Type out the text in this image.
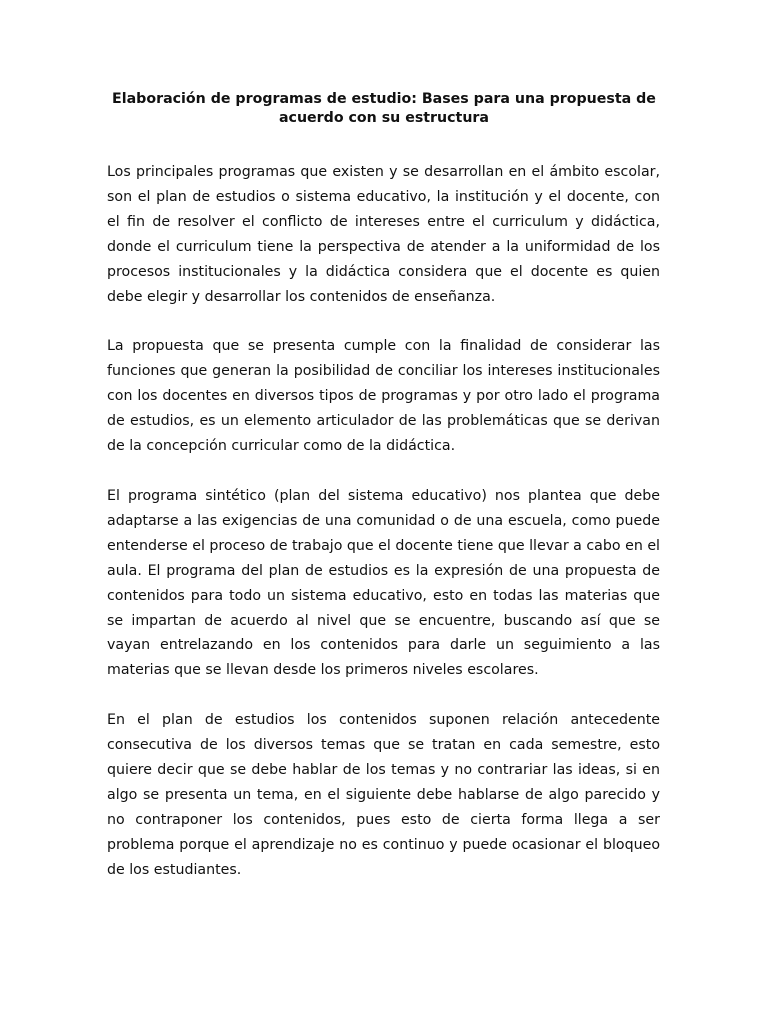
Elaboración de programas de estudio: Bases para una propuesta de acuerdo con su estructura

Los principales programas que existen y se desarrollan en el ámbito escolar, son el plan de estudios o sistema educativo, la institución y el docente, con el fin de resolver el conflicto de intereses entre el curriculum y didáctica, donde el curriculum tiene la perspectiva de atender a la uniformidad de los procesos institucionales y la didáctica considera que el docente es quien debe elegir y desarrollar los contenidos de enseñanza.

La propuesta que se presenta cumple con la finalidad de considerar las funciones que generan la posibilidad de conciliar los intereses institucionales con los docentes en diversos tipos de programas y por otro lado el programa de estudios, es un elemento articulador de las problemáticas que se derivan de la concepción curricular como de la didáctica.

El programa sintético (plan del sistema educativo) nos plantea que debe adaptarse a las exigencias de una comunidad o de una escuela, como puede entenderse el proceso de trabajo que el docente tiene que llevar a cabo en el aula. El programa del plan de estudios es la expresión de una propuesta de contenidos para todo un sistema educativo, esto en todas las materias que se impartan de acuerdo al nivel que se encuentre, buscando así que se vayan entrelazando en los contenidos para darle un seguimiento a las materias que se llevan desde los primeros niveles escolares.

En el plan de estudios los contenidos suponen relación antecedente consecutiva de los diversos temas que se tratan en cada semestre, esto quiere decir que se debe hablar de los temas y no contrariar las ideas, si en algo se presenta un tema, en el siguiente debe hablarse de algo parecido y no contraponer los contenidos, pues esto de cierta forma llega a ser problema porque el aprendizaje no es continuo y puede ocasionar el bloqueo de los estudiantes.
